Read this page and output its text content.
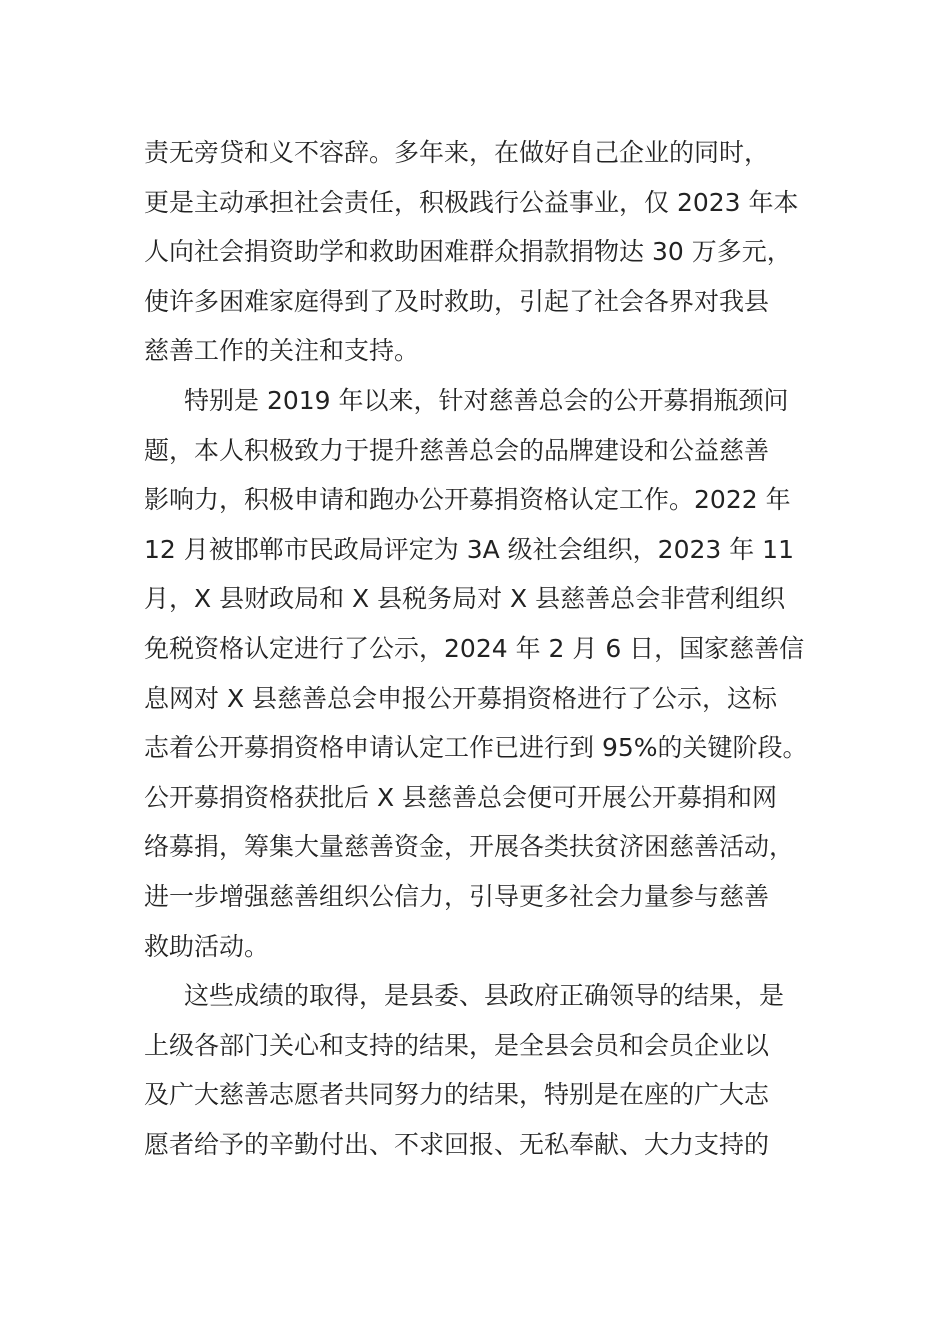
责无旁贷和义不容辞。多年来，在做好自己企业的同时，
更是主动承担社会责任，积极践行公益事业，仅 2023 年本
人向社会捐资助学和救助困难群众捐款捐物达 30 万多元，
使许多困难家庭得到了及时救助，引起了社会各界对我县
慈善工作的关注和支持。
特别是 2019 年以来，针对慈善总会的公开募捐瓶颈问
题，本人积极致力于提升慈善总会的品牌建设和公益慈善
影响力，积极申请和跑办公开募捐资格认定工作。2022 年
12 月被邯郸市民政局评定为 3A 级社会组织，2023 年 11
月，X 县财政局和 X 县税务局对 X 县慈善总会非营利组织
免税资格认定进行了公示，2024 年 2 月 6 日，国家慈善信
息网对 X 县慈善总会申报公开募捐资格进行了公示，这标
志着公开募捐资格申请认定工作已进行到 95%的关键阶段。
公开募捐资格获批后 X 县慈善总会便可开展公开募捐和网
络募捐，筹集大量慈善资金，开展各类扶贫济困慈善活动，
进一步增强慈善组织公信力，引导更多社会力量参与慈善
救助活动。
这些成绩的取得，是县委、县政府正确领导的结果，是
上级各部门关心和支持的结果，是全县会员和会员企业以
及广大慈善志愿者共同努力的结果，特别是在座的广大志
愿者给予的辛勤付出、不求回报、无私奉献、大力支持的
